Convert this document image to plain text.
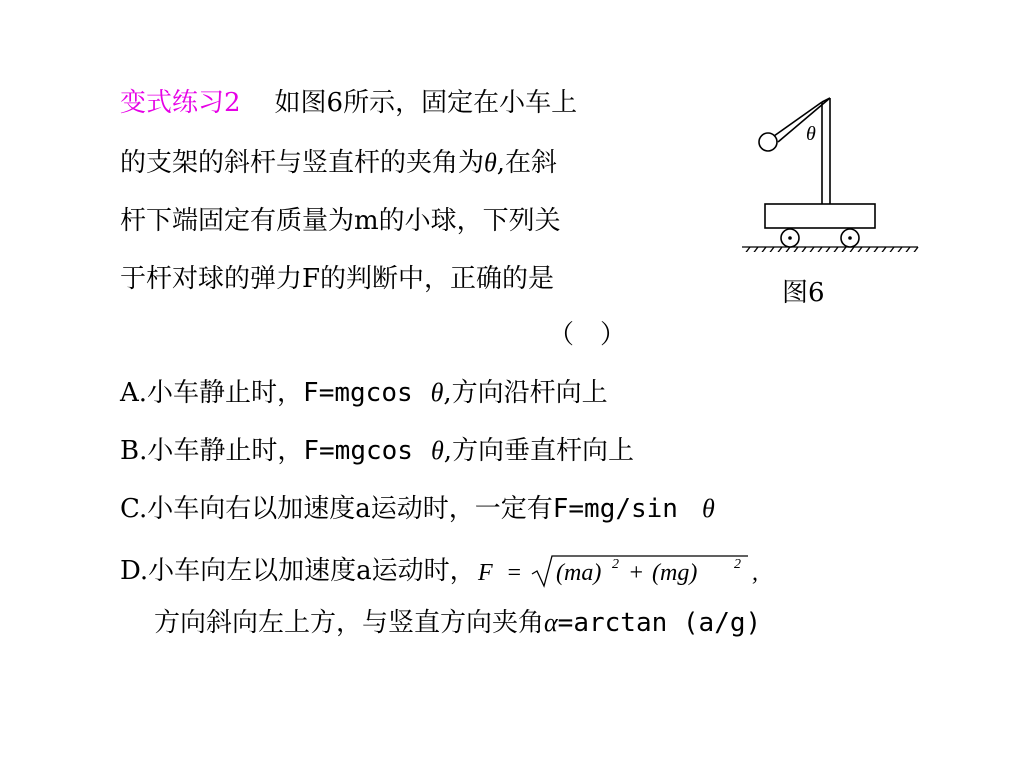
变式练习2 如图6所示，固定在小车上
的支架的斜杆与竖直杆的夹角为θ,在斜
杆下端固定有质量为m的小球，下列关
于杆对球的弹力F的判断中，正确的是
（　）
θ
图6
A.小车静止时，F=mgcos θ,方向沿杆向上
B.小车静止时，F=mgcos θ,方向垂直杆向上
C.小车向右以加速度a运动时，一定有F=mg/sin θ
D.小车向左以加速度a运动时， F = (ma) 2 + (mg)	2 ,
方向斜向左上方，与竖直方向夹角α=arctan (a/g)
